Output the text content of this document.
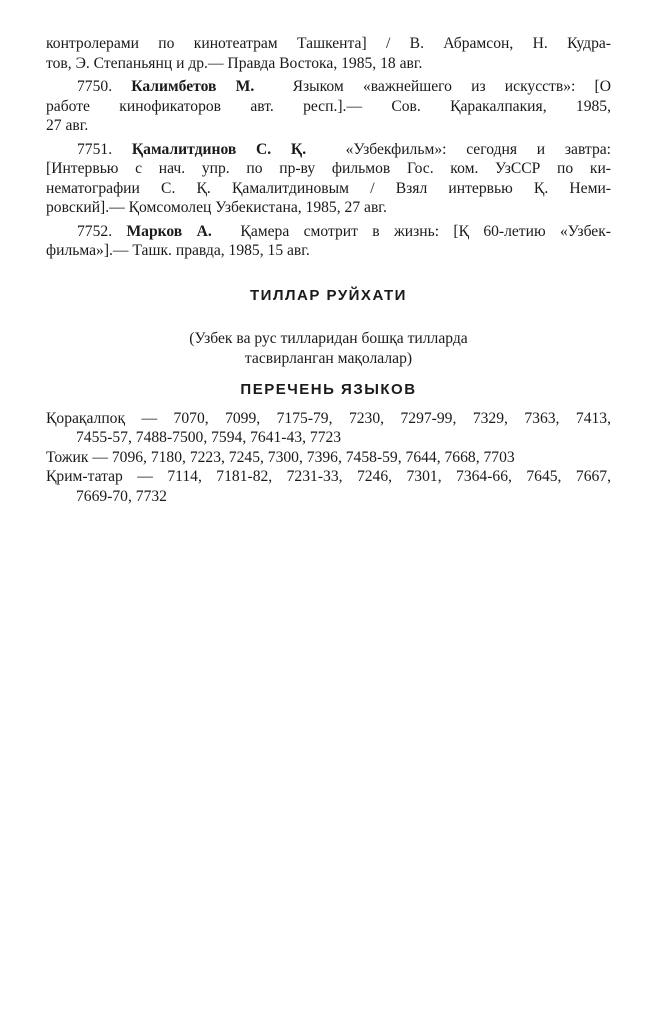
контролерами по кинотеатрам Ташкента] / В. Абрамсон, Н. Кудра-
тов, Э. Степаньянц и др.— Правда Востока, 1985, 18 авг.
7750. Калимбетов М. Языком «важнейшего из искусств»: [О
работе кинофикаторов авт. респ.].— Сов. Қаракалпакия, 1985,
27 авг.
7751. Қамалитдинов С. Қ.	«Узбекфильм»: сегодня и завтра:
[Интервью с нач. упр. по пр-ву фильмов Гос. ком. УзССР по ки-
нематографии С. Қ. Қамалитдиновым / Взял интервью Қ. Неми-
ровский].— Қомсомолец Узбекистана, 1985, 27 авг.
7752. Марков А. Қамера смотрит в жизнь: [Қ 60-летию «Узбек-
фильма»].— Ташк. правда, 1985, 15 авг.
ТИЛЛАР РУЙХАТИ
(Узбек ва рус тилларидан бошқа тилларда
тасвирланган мақолалар)
ПЕРЕЧЕНЬ ЯЗЫКОВ
Қорақалпоқ — 7070, 7099, 7175-79, 7230, 7297-99, 7329, 7363, 7413,
7455-57, 7488-7500, 7594, 7641-43, 7723
Тожик — 7096, 7180, 7223, 7245, 7300, 7396, 7458-59, 7644, 7668, 7703
Қрим-татар — 7114, 7181-82, 7231-33, 7246, 7301, 7364-66, 7645, 7667,
7669-70, 7732
